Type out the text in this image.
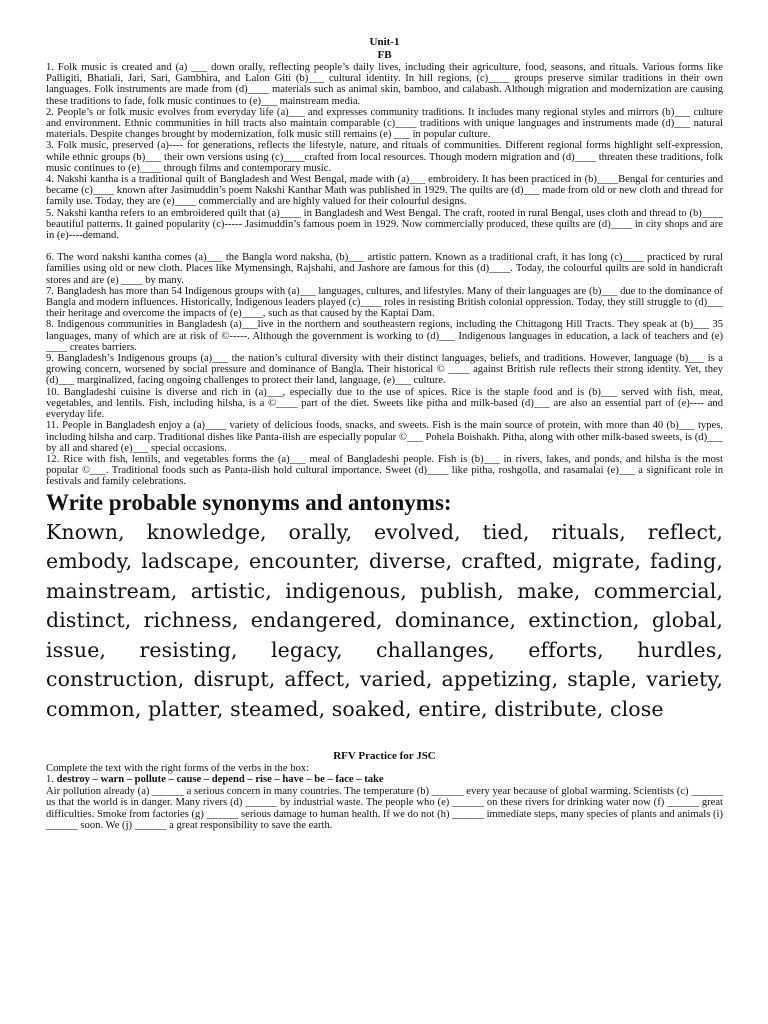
Unit-1
FB

1. Folk music is created and (a) ___ down orally, reflecting people’s daily lives, including their agriculture, food, seasons, and rituals. Various forms like Palligiti, Bhatiali, Jari, Sari, Gambhira, and Lalon Giti (b)___ cultural identity. In hill regions, (c)____ groups preserve similar traditions in their own languages. Folk instruments are made from (d)____ materials such as animal skin, bamboo, and calabash. Although migration and modernization are causing these traditions to fade, folk music continues to (e)___ mainstream media.

2. People’s or folk music evolves from everyday life (a)___ and expresses community traditions. It includes many regional styles and mirrors (b)___ culture and environment. Ethnic communities in hill tracts also maintain comparable (c)____ traditions with unique languages and instruments made (d)___ natural materials. Despite changes brought by modernization, folk music still remains (e) ___ in popular culture.

3. Folk music, preserved (a)---- for generations, reflects the lifestyle, nature, and rituals of communities. Different regional forms highlight self-expression, while ethnic groups (b)___ their own versions using (c)____crafted from local resources. Though modern migration and (d)____ threaten these traditions, folk music continues to (e)____ through films and contemporary music.

4. Nakshi kantha is a traditional quilt of Bangladesh and West Bengal, made with (a)___ embroidery. It has been practiced in (b)____Bengal for centuries and became (c)____ known after Jasimuddin’s poem Nakshi Kanthar Math was published in 1929. The quilts are (d)___ made from old or new cloth and thread for family use. Today, they are (e)____ commercially and are highly valued for their colourful designs.

5. Nakshi kantha refers to an embroidered quilt that (a)____ in Bangladesh and West Bengal. The craft, rooted in rural Bengal, uses cloth and thread to (b)____ beautiful patterns. It gained popularity (c)----- Jasimuddin’s famous poem in 1929. Now commercially produced, these quilts are (d)____ in city shops and are in (e)----demand.

6. The word nakshi kantha comes (a)___ the Bangla word naksha, (b)___ artistic pattern. Known as a traditional craft, it has long (c)____ practiced by rural families using old or new cloth. Places like Mymensingh, Rajshahi, and Jashore are famous for this (d)____. Today, the colourful quilts are sold in handicraft stores and are (e) ____ by many.

7. Bangladesh has more than 54 Indigenous groups with (a)___ languages, cultures, and lifestyles. Many of their languages are (b)___ due to the dominance of Bangla and modern influences. Historically, Indigenous leaders played (c)____ roles in resisting British colonial oppression. Today, they still struggle to (d)___ their heritage and overcome the impacts of (e)____, such as that caused by the Kaptai Dam.

8. Indigenous communities in Bangladesh (a)___live in the northern and southeastern regions, including the Chittagong Hill Tracts. They speak at (b)___ 35 languages, many of which are at risk of ©-----. Although the government is working to (d)___ Indigenous languages in education, a lack of teachers and (e) ____ creates barriers.

9. Bangladesh’s Indigenous groups (a)___ the nation’s cultural diversity with their distinct languages, beliefs, and traditions. However, language (b)___ is a growing concern, worsened by social pressure and dominance of Bangla. Their historical © ____ against British rule reflects their strong identity. Yet, they (d)___ marginalized, facing ongoing challenges to protect their land, language, (e)___ culture.

10. Bangladeshi cuisine is diverse and rich in (a)___, especially due to the use of spices. Rice is the staple food and is (b)___ served with fish, meat, vegetables, and lentils. Fish, including hilsha, is a ©____ part of the diet. Sweets like pitha and milk-based (d)___ are also an essential part of (e)---- and everyday life.

11. People in Bangladesh enjoy a (a)____ variety of delicious foods, snacks, and sweets. Fish is the main source of protein, with more than 40 (b)___ types, including hilsha and carp. Traditional dishes like Panta-ilish are especially popular ©___ Pohela Boishakh. Pitha, along with other milk-based sweets, is (d)___ by all and shared (e)___ special occasions.

12. Rice with fish, lentils, and vegetables forms the (a)___ meal of Bangladeshi people. Fish is (b)___ in rivers, lakes, and ponds, and hilsha is the most popular ©___. Traditional foods such as Panta-ilish hold cultural importance. Sweet (d)____ like pitha, roshgolla, and rasamalai (e)___ a significant role in festivals and family celebrations.

Write probable synonyms and antonyms:
Known, knowledge, orally, evolved, tied, rituals, reflect, embody, ladscape, encounter, diverse, crafted, migrate, fading, mainstream, artistic, indigenous, publish, make, commercial, distinct, richness, endangered, dominance, extinction, global, issue, resisting, legacy, challanges, efforts, hurdles, construction, disrupt, affect, varied, appetizing, staple, variety, common, platter, steamed, soaked, entire, distribute, close
RFV Practice for JSC

Complete the text with the right forms of the verbs in the box:

1. destroy – warn – pollute – cause – depend – rise – have – be – face – take

Air pollution already (a) ______ a serious concern in many countries. The temperature (b) ______ every year because of global warming. Scientists (c) ______ us that the world is in danger. Many rivers (d) ______ by industrial waste. The people who (e) ______ on these rivers for drinking water now (f) ______ great difficulties. Smoke from factories (g) ______ serious damage to human health. If we do not (h) ______ immediate steps, many species of plants and animals (i) ______ soon. We (j) ______ a great responsibility to save the earth.
